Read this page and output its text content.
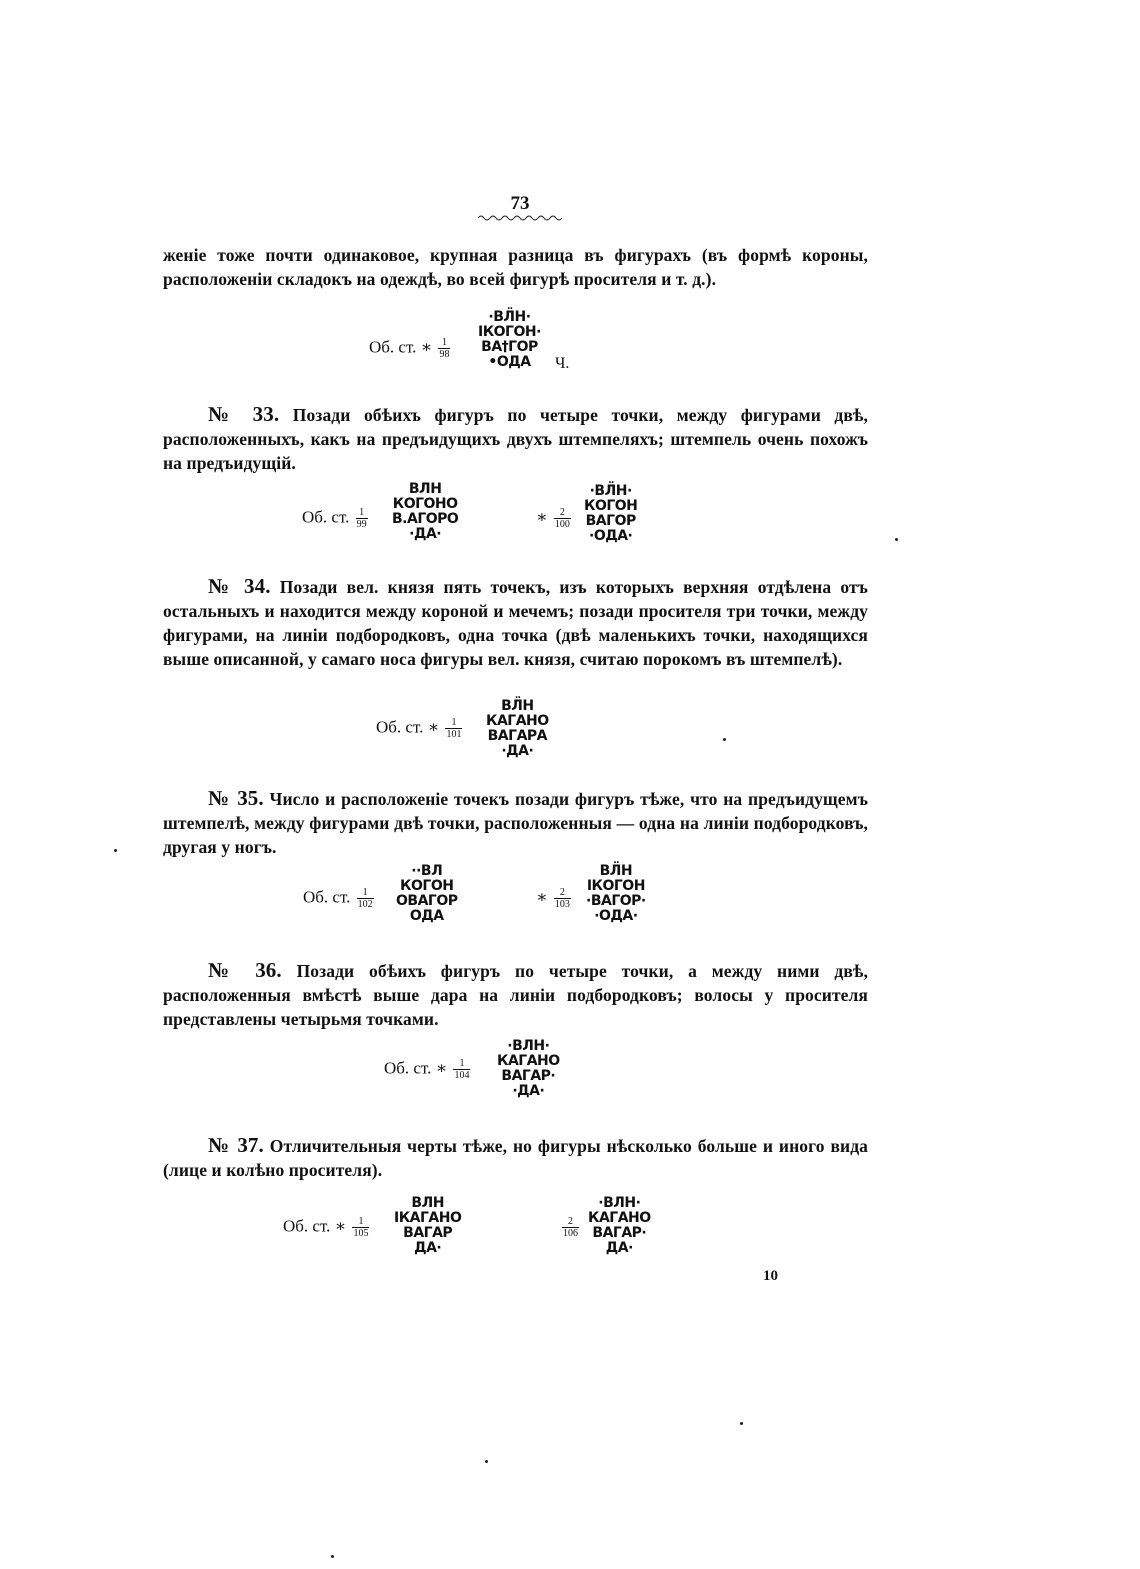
73
женіе тоже почти одинаковое, крупная разница въ фигурахъ (въ формѣ короны, расположеніи складокъ на одеждѣ, во всей фигурѣ просителя и т. д.).
Об. ст. ∗ $\frac{1}{98}$
·ВЛ̈Н·
ІКОГОН·
ВА†ГОР
•ОДА	Ч.
№ 33. Позади обѣихъ фигуръ по четыре точки, между фигурами двѣ, расположенныхъ, какъ на предъидущихъ двухъ штемпеляхъ; штемпель очень похожъ на предъидущій.
Об. ст. $\frac{1}{99}$
ВЛН
КОГОНО
В.АГОРО
·ДА·
∗ $\frac{2}{100}$
·ВЛ̈Н·
КОГОН
ВАГОР
·ОДА·
№ 34. Позади вел. князя пять точекъ, изъ которыхъ верхняя отдѣлена отъ остальныхъ и находится между короной и мечемъ; позади просителя три точки, между фигурами, на линіи подбородковъ, одна точка (двѣ маленькихъ точки, находящихся выше описанной, у самаго носа фигуры вел. князя, считаю порокомъ въ штемпелѣ).
Об. ст. ∗ $\frac{1}{101}$
ВЛ̈Н
КАГАНО
ВАГАРА
·ДА·
№ 35. Число и расположеніе точекъ позади фигуръ тѣже, что на предъидущемъ штемпелѣ, между фигурами двѣ точки, расположенныя — одна на линіи подбородковъ, другая у ногъ.
Об. ст. $\frac{1}{102}$
··ВЛ
КОГОН
ОВАГОР
ОДА
∗ $\frac{2}{103}$
ВЛ̈Н
ІКОГОН
·ВАГОР·
·ОДА·
№ 36. Позади обѣихъ фигуръ по четыре точки, а между ними двѣ, расположенныя вмѣстѣ выше дара на линіи подбородковъ; волосы у просителя представлены четырьмя точками.
Об. ст. ∗ $\frac{1}{104}$
·ВЛН·
КАГАНО
ВАГАР·
·ДА·
№ 37. Отличительныя черты тѣже, но фигуры нѣсколько больше и иного вида (лице и колѣно просителя).
Об. ст. ∗ $\frac{1}{105}$
ВЛН
ІКАГАНО
ВАГАР
ДА·
$\frac{2}{106}$
·ВЛН·
КАГАНО
ВАГАР·
ДА·
10
